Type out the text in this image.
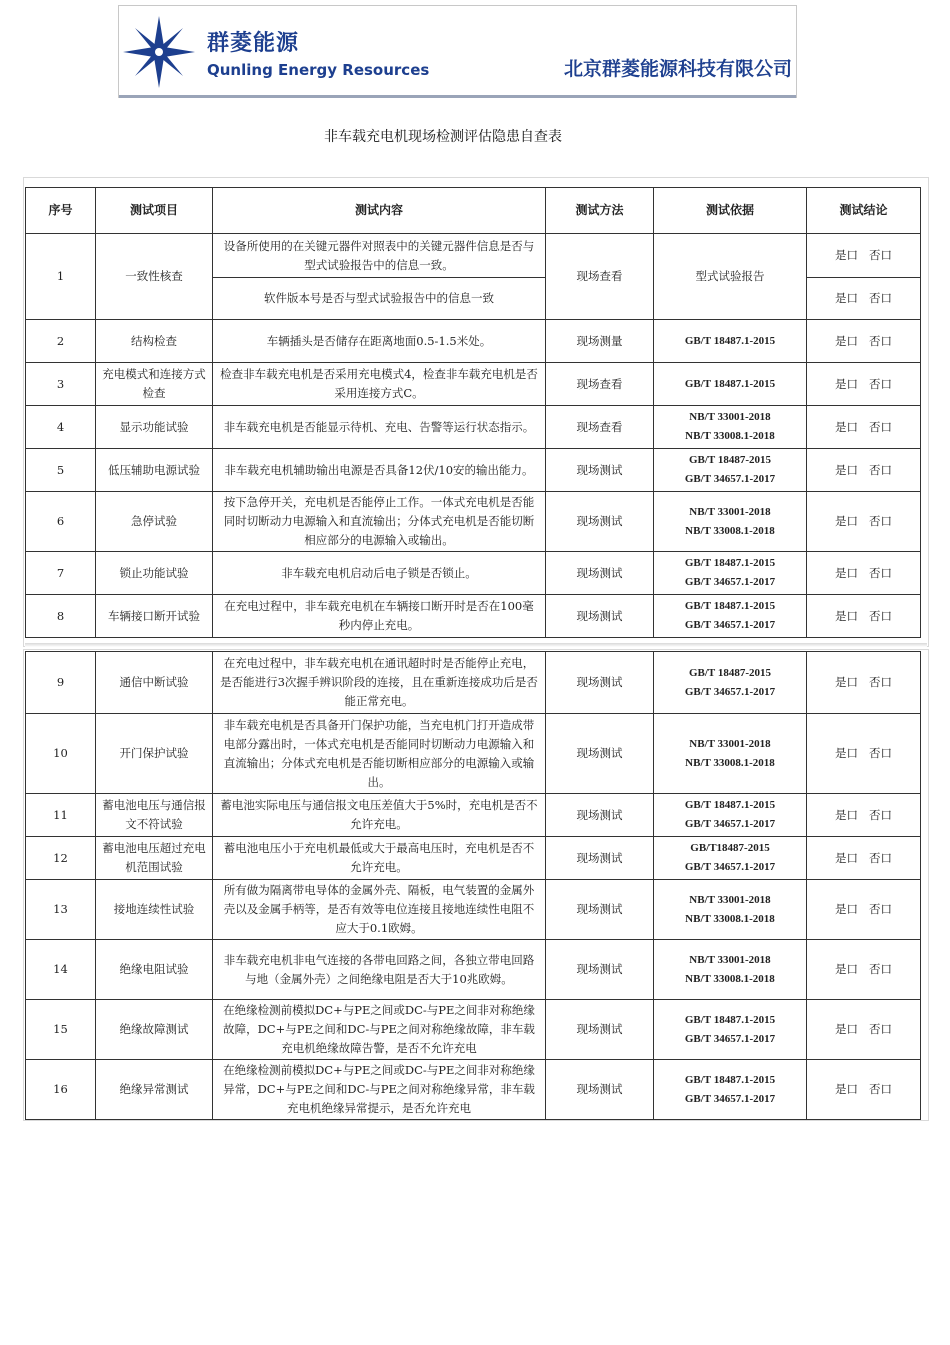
群菱能源
Qunling Energy Resources	北京群菱能源科技有限公司
非车载充电机现场检测评估隐患自查表
序号	测试项目	测试内容	测试方法	测试依据	测试结论
1	一致性核查	设备所使用的在关键元器件对照表中的关键元器件信息是否与型式试验报告中的信息一致。	现场查看	型式试验报告	是口 否口
		软件版本号是否与型式试验报告中的信息一致			是口 否口
2	结构检查	车辆插头是否储存在距离地面0.5-1.5米处。	现场测量	GB/T 18487.1-2015	是口 否口
3	充电模式和连接方式检查	检查非车载充电机是否采用充电模式4，检查非车载充电机是否采用连接方式C。	现场查看	GB/T 18487.1-2015	是口 否口
4	显示功能试验	非车载充电机是否能显示待机、充电、告警等运行状态指示。	现场查看	NB/T 33001-2018
NB/T 33008.1-2018	是口 否口
5	低压辅助电源试验	非车载充电机辅助输出电源是否具备12伏/10安的输出能力。	现场测试	GB/T 18487-2015
GB/T 34657.1-2017	是口 否口
6	急停试验	按下急停开关，充电机是否能停止工作。一体式充电机是否能同时切断动力电源输入和直流输出；分体式充电机是否能切断相应部分的电源输入或输出。	现场测试	NB/T 33001-2018
NB/T 33008.1-2018	是口 否口
7	锁止功能试验	非车载充电机启动后电子锁是否锁止。	现场测试	GB/T 18487.1-2015
GB/T 34657.1-2017	是口 否口
8	车辆接口断开试验	在充电过程中，非车载充电机在车辆接口断开时是否在100毫秒内停止充电。	现场测试	GB/T 18487.1-2015
GB/T 34657.1-2017	是口 否口
9	通信中断试验	在充电过程中，非车载充电机在通讯超时时是否能停止充电，是否能进行3次握手辨识阶段的连接，且在重新连接成功后是否能正常充电。	现场测试	GB/T 18487-2015
GB/T 34657.1-2017	是口 否口
10	开门保护试验	非车载充电机是否具备开门保护功能，当充电机门打开造成带电部分露出时，一体式充电机是否能同时切断动力电源输入和直流输出；分体式充电机是否能切断相应部分的电源输入或输出。	现场测试	NB/T 33001-2018
NB/T 33008.1-2018	是口 否口
11	蓄电池电压与通信报文不符试验	蓄电池实际电压与通信报文电压差值大于5%时，充电机是否不允许充电。	现场测试	GB/T 18487.1-2015
GB/T 34657.1-2017	是口 否口
12	蓄电池电压超过充电机范围试验	蓄电池电压小于充电机最低或大于最高电压时，充电机是否不允许充电。	现场测试	GB/T18487-2015
GB/T 34657.1-2017	是口 否口
13	接地连续性试验	所有做为隔离带电导体的金属外壳、隔板，电气装置的金属外壳以及金属手柄等，是否有效等电位连接且接地连续性电阻不应大于0.1欧姆。	现场测试	NB/T 33001-2018
NB/T 33008.1-2018	是口 否口
14	绝缘电阻试验	非车载充电机非电气连接的各带电回路之间，各独立带电回路与地（金属外壳）之间绝缘电阻是否大于10兆欧姆。	现场测试	NB/T 33001-2018
NB/T 33008.1-2018	是口 否口
15	绝缘故障测试	在绝缘检测前模拟DC+与PE之间或DC-与PE之间非对称绝缘故障，DC+与PE之间和DC-与PE之间对称绝缘故障，非车载充电机绝缘故障告警，是否不允许充电	现场测试	GB/T 18487.1-2015
GB/T 34657.1-2017	是口 否口
16	绝缘异常测试	在绝缘检测前模拟DC+与PE之间或DC-与PE之间非对称绝缘异常，DC+与PE之间和DC-与PE之间对称绝缘异常，非车载充电机绝缘异常提示，是否允许充电	现场测试	GB/T 18487.1-2015
GB/T 34657.1-2017	是口 否口
